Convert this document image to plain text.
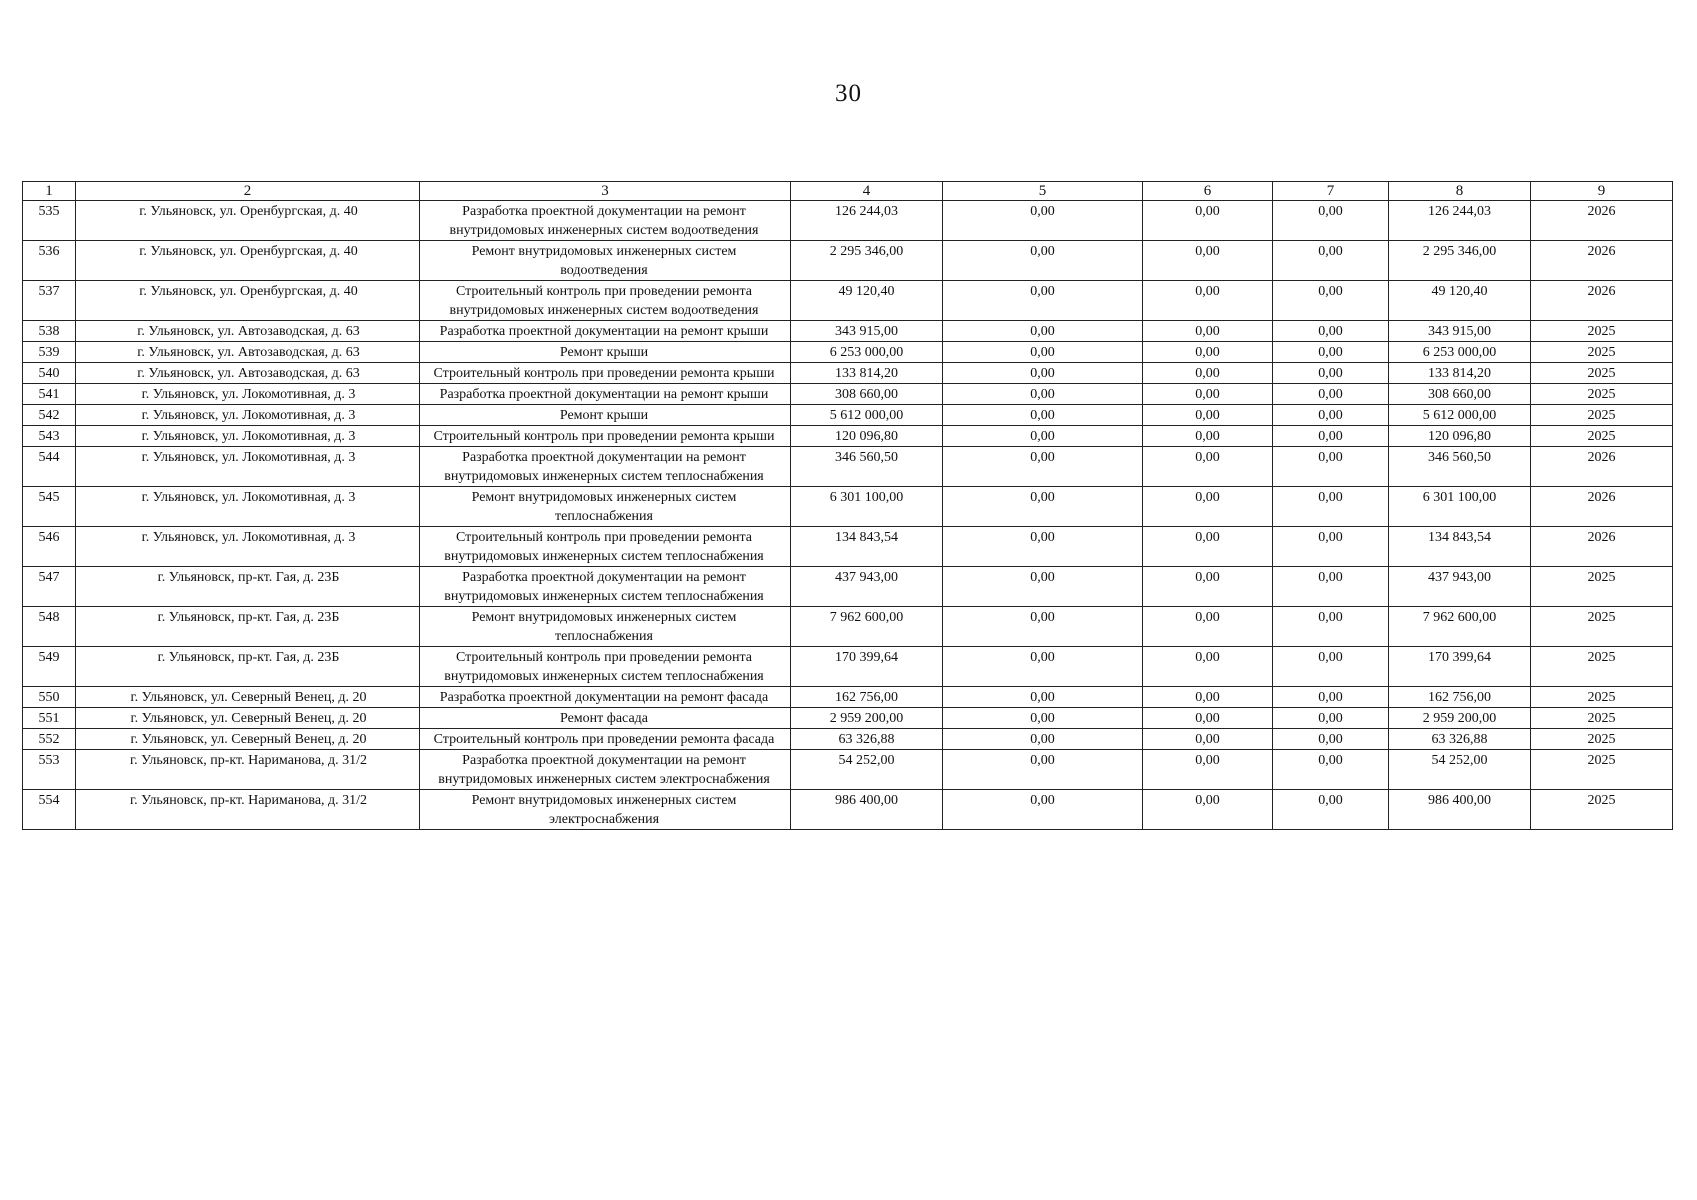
30
1	2	3	4	5	6	7	8	9
535	г. Ульяновск, ул. Оренбургская, д. 40	Разработка проектной документации на ремонт внутридомовых инженерных систем водоотведения	126 244,03	0,00	0,00	0,00	126 244,03	2026
536	г. Ульяновск, ул. Оренбургская, д. 40	Ремонт внутридомовых инженерных систем водоотведения	2 295 346,00	0,00	0,00	0,00	2 295 346,00	2026
537	г. Ульяновск, ул. Оренбургская, д. 40	Строительный контроль при проведении ремонта внутридомовых инженерных систем водоотведения	49 120,40	0,00	0,00	0,00	49 120,40	2026
538	г. Ульяновск, ул. Автозаводская, д. 63	Разработка проектной документации на ремонт крыши	343 915,00	0,00	0,00	0,00	343 915,00	2025
539	г. Ульяновск, ул. Автозаводская, д. 63	Ремонт крыши	6 253 000,00	0,00	0,00	0,00	6 253 000,00	2025
540	г. Ульяновск, ул. Автозаводская, д. 63	Строительный контроль при проведении ремонта крыши	133 814,20	0,00	0,00	0,00	133 814,20	2025
541	г. Ульяновск, ул. Локомотивная, д. 3	Разработка проектной документации на ремонт крыши	308 660,00	0,00	0,00	0,00	308 660,00	2025
542	г. Ульяновск, ул. Локомотивная, д. 3	Ремонт крыши	5 612 000,00	0,00	0,00	0,00	5 612 000,00	2025
543	г. Ульяновск, ул. Локомотивная, д. 3	Строительный контроль при проведении ремонта крыши	120 096,80	0,00	0,00	0,00	120 096,80	2025
544	г. Ульяновск, ул. Локомотивная, д. 3	Разработка проектной документации на ремонт внутридомовых инженерных систем теплоснабжения	346 560,50	0,00	0,00	0,00	346 560,50	2026
545	г. Ульяновск, ул. Локомотивная, д. 3	Ремонт внутридомовых инженерных систем теплоснабжения	6 301 100,00	0,00	0,00	0,00	6 301 100,00	2026
546	г. Ульяновск, ул. Локомотивная, д. 3	Строительный контроль при проведении ремонта внутридомовых инженерных систем теплоснабжения	134 843,54	0,00	0,00	0,00	134 843,54	2026
547	г. Ульяновск, пр-кт. Гая, д. 23Б	Разработка проектной документации на ремонт внутридомовых инженерных систем теплоснабжения	437 943,00	0,00	0,00	0,00	437 943,00	2025
548	г. Ульяновск, пр-кт. Гая, д. 23Б	Ремонт внутридомовых инженерных систем теплоснабжения	7 962 600,00	0,00	0,00	0,00	7 962 600,00	2025
549	г. Ульяновск, пр-кт. Гая, д. 23Б	Строительный контроль при проведении ремонта внутридомовых инженерных систем теплоснабжения	170 399,64	0,00	0,00	0,00	170 399,64	2025
550	г. Ульяновск, ул. Северный Венец, д. 20	Разработка проектной документации на ремонт фасада	162 756,00	0,00	0,00	0,00	162 756,00	2025
551	г. Ульяновск, ул. Северный Венец, д. 20	Ремонт фасада	2 959 200,00	0,00	0,00	0,00	2 959 200,00	2025
552	г. Ульяновск, ул. Северный Венец, д. 20	Строительный контроль при проведении ремонта фасада	63 326,88	0,00	0,00	0,00	63 326,88	2025
553	г. Ульяновск, пр-кт. Нариманова, д. 31/2	Разработка проектной документации на ремонт внутридомовых инженерных систем электроснабжения	54 252,00	0,00	0,00	0,00	54 252,00	2025
554	г. Ульяновск, пр-кт. Нариманова, д. 31/2	Ремонт внутридомовых инженерных систем электроснабжения	986 400,00	0,00	0,00	0,00	986 400,00	2025
